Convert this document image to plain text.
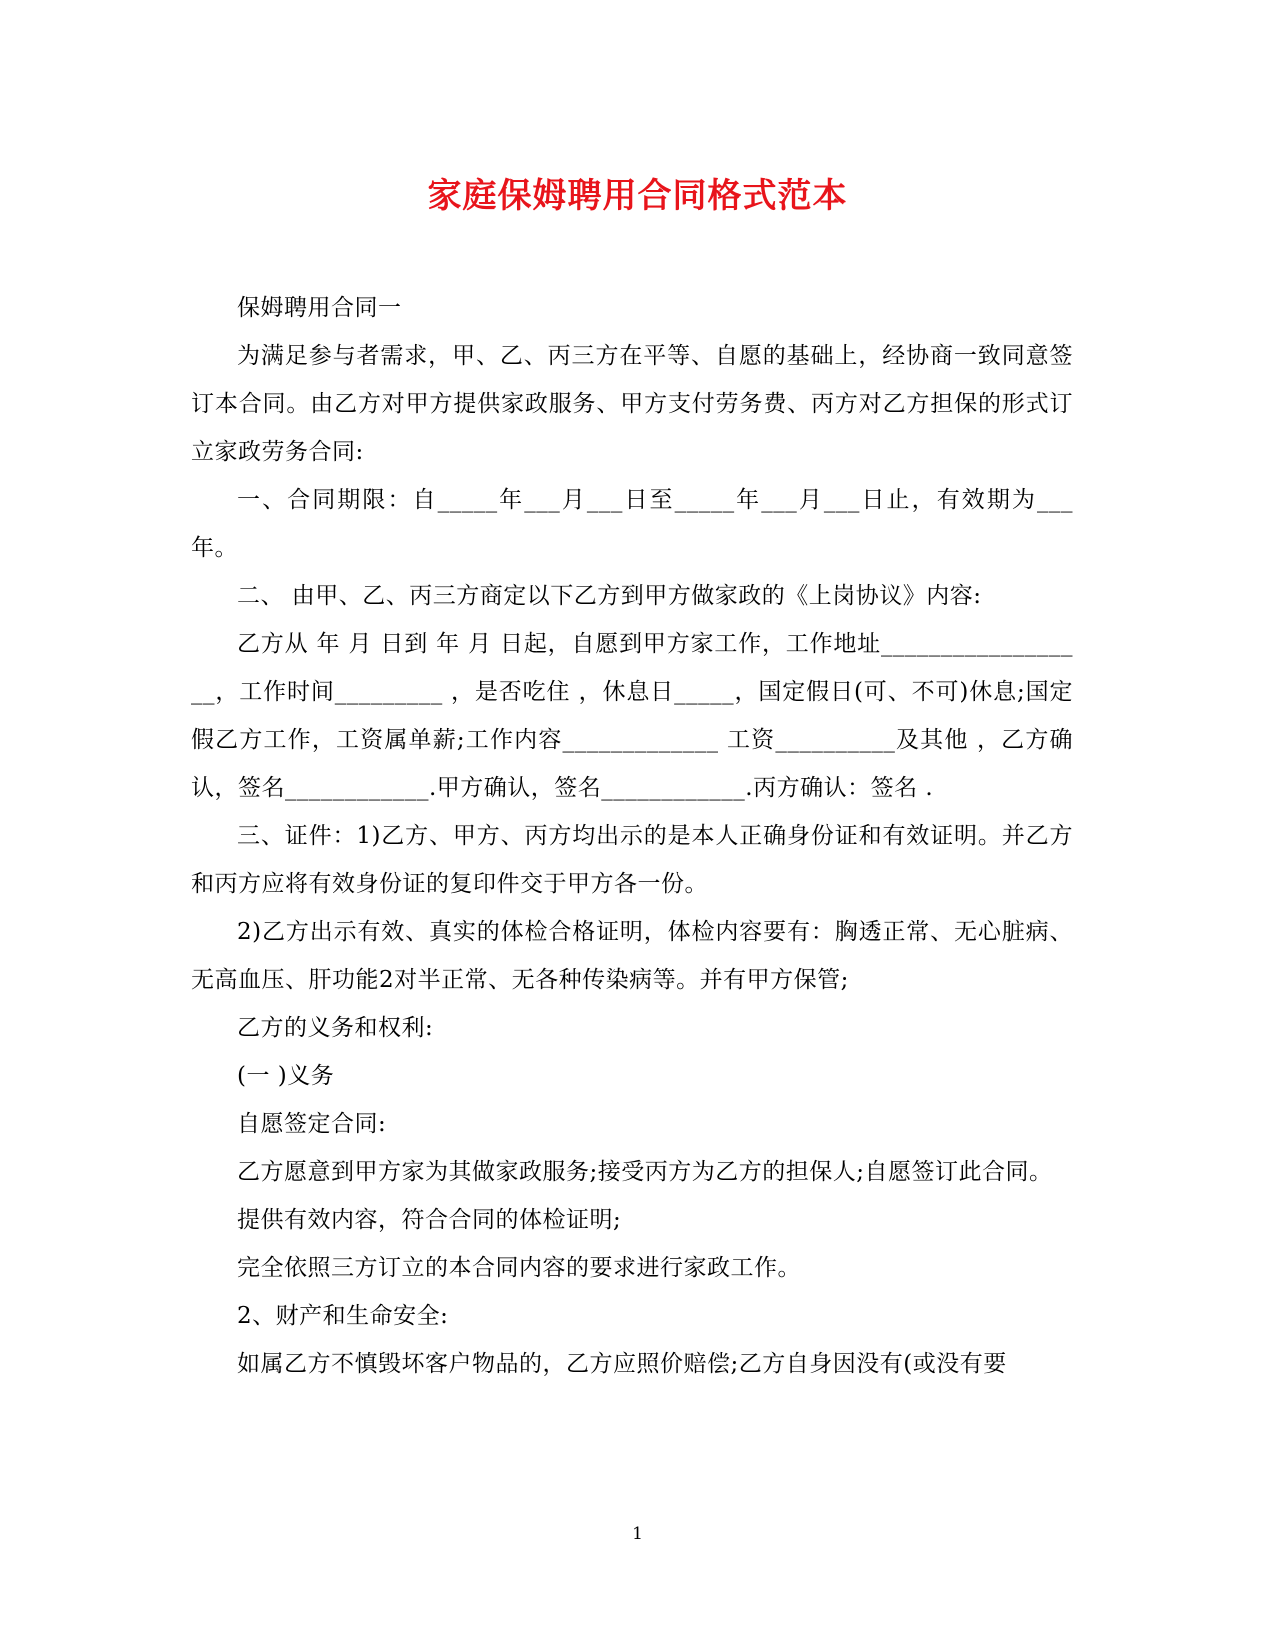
家庭保姆聘用合同格式范本

保姆聘用合同一

为满足参与者需求，甲、乙、丙三方在平等、自愿的基础上，经协商一致同意签订本合同。由乙方对甲方提供家政服务、甲方支付劳务费、丙方对乙方担保的形式订立家政劳务合同:

一、合同期限：自_____年___月___日至_____年___月___日止，有效期为___年。

二、 由甲、乙、丙三方商定以下乙方到甲方做家政的《上岗协议》内容:

乙方从 年 月 日到 年 月 日起，自愿到甲方家工作，工作地址__________________，工作时间_________ ，是否吃住 ，休息日_____，国定假日(可、不可)休息;国定假乙方工作，工资属单薪;工作内容_____________ 工资__________及其他 ，乙方确认，签名____________.甲方确认，签名____________.丙方确认：签名 .

三、证件：1)乙方、甲方、丙方均出示的是本人正确身份证和有效证明。并乙方和丙方应将有效身份证的复印件交于甲方各一份。

2)乙方出示有效、真实的体检合格证明，体检内容要有：胸透正常、无心脏病、无高血压、肝功能2对半正常、无各种传染病等。并有甲方保管;

乙方的义务和权利:

(一 )义务

自愿签定合同:

乙方愿意到甲方家为其做家政服务;接受丙方为乙方的担保人;自愿签订此合同。

提供有效内容，符合合同的体检证明;

完全依照三方订立的本合同内容的要求进行家政工作。

2、财产和生命安全:

如属乙方不慎毁坏客户物品的，乙方应照价赔偿;乙方自身因没有(或没有要

1
